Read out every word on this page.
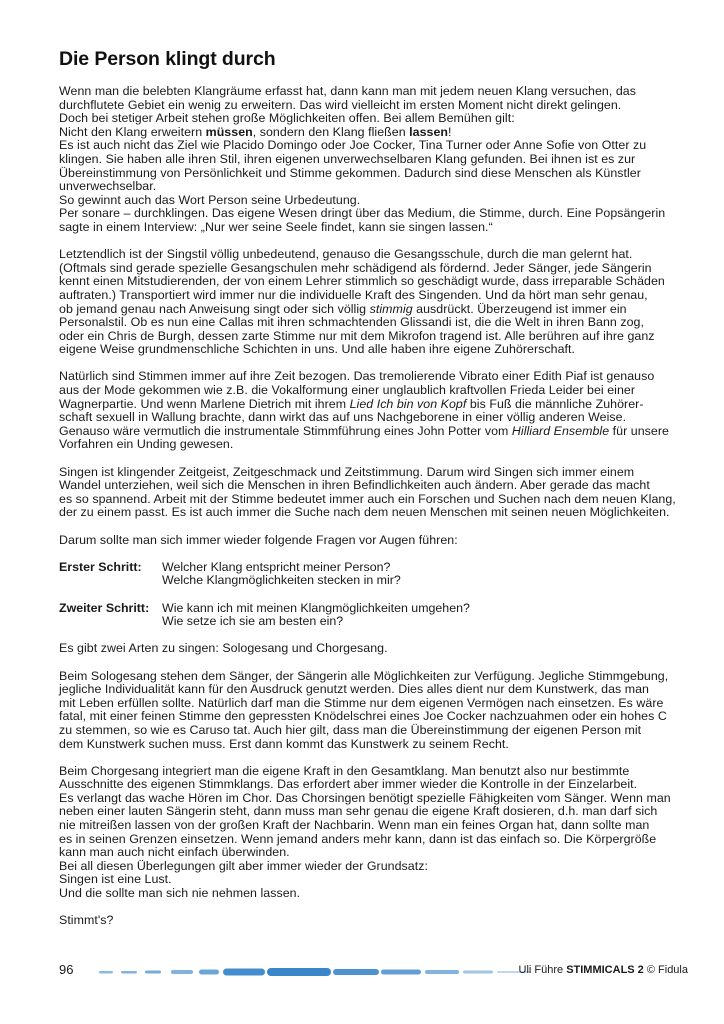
Die Person klingt durch
Wenn man die belebten Klangräume erfasst hat, dann kann man mit jedem neuen Klang versuchen, das
durchflutete Gebiet ein wenig zu erweitern. Das wird vielleicht im ersten Moment nicht direkt gelingen.
Doch bei stetiger Arbeit stehen große Möglichkeiten offen. Bei allem Bemühen gilt:
Nicht den Klang erweitern müssen, sondern den Klang fließen lassen!
Es ist auch nicht das Ziel wie Placido Domingo oder Joe Cocker, Tina Turner oder Anne Sofie von Otter zu
klingen. Sie haben alle ihren Stil, ihren eigenen unverwechselbaren Klang gefunden. Bei ihnen ist es zur
Übereinstimmung von Persönlichkeit und Stimme gekommen. Dadurch sind diese Menschen als Künstler
unverwechselbar.
So gewinnt auch das Wort Person seine Urbedeutung.
Per sonare – durchklingen. Das eigene Wesen dringt über das Medium, die Stimme, durch. Eine Popsängerin
sagte in einem Interview: „Nur wer seine Seele findet, kann sie singen lassen.“
Letztendlich ist der Singstil völlig unbedeutend, genauso die Gesangsschule, durch die man gelernt hat.
(Oftmals sind gerade spezielle Gesangschulen mehr schädigend als fördernd. Jeder Sänger, jede Sängerin
kennt einen Mitstudierenden, der von einem Lehrer stimmlich so geschädigt wurde, dass irreparable Schäden
auftraten.) Transportiert wird immer nur die individuelle Kraft des Singenden. Und da hört man sehr genau,
ob jemand genau nach Anweisung singt oder sich völlig stimmig ausdrückt. Überzeugend ist immer ein
Personalstil. Ob es nun eine Callas mit ihren schmachtenden Glissandi ist, die die Welt in ihren Bann zog,
oder ein Chris de Burgh, dessen zarte Stimme nur mit dem Mikrofon tragend ist. Alle berühren auf ihre ganz
eigene Weise grundmenschliche Schichten in uns. Und alle haben ihre eigene Zuhörerschaft.
Natürlich sind Stimmen immer auf ihre Zeit bezogen. Das tremolierende Vibrato einer Edith Piaf ist genauso
aus der Mode gekommen wie z.B. die Vokalformung einer unglaublich kraftvollen Frieda Leider bei einer
Wagnerpartie. Und wenn Marlene Dietrich mit ihrem Lied Ich bin von Kopf bis Fuß die männliche Zuhörer-
schaft sexuell in Wallung brachte, dann wirkt das auf uns Nachgeborene in einer völlig anderen Weise.
Genauso wäre vermutlich die instrumentale Stimmführung eines John Potter vom Hilliard Ensemble für unsere
Vorfahren ein Unding gewesen.
Singen ist klingender Zeitgeist, Zeitgeschmack und Zeitstimmung. Darum wird Singen sich immer einem
Wandel unterziehen, weil sich die Menschen in ihren Befindlichkeiten auch ändern. Aber gerade das macht
es so spannend. Arbeit mit der Stimme bedeutet immer auch ein Forschen und Suchen nach dem neuen Klang,
der zu einem passt. Es ist auch immer die Suche nach dem neuen Menschen mit seinen neuen Möglichkeiten.
Darum sollte man sich immer wieder folgende Fragen vor Augen führen:
Erster Schritt:	Welcher Klang entspricht meiner Person?
Welche Klangmöglichkeiten stecken in mir?
Zweiter Schritt:	Wie kann ich mit meinen Klangmöglichkeiten umgehen?
Wie setze ich sie am besten ein?
Es gibt zwei Arten zu singen: Sologesang und Chorgesang.
Beim Sologesang stehen dem Sänger, der Sängerin alle Möglichkeiten zur Verfügung. Jegliche Stimmgebung,
jegliche Individualität kann für den Ausdruck genutzt werden. Dies alles dient nur dem Kunstwerk, das man
mit Leben erfüllen sollte. Natürlich darf man die Stimme nur dem eigenen Vermögen nach einsetzen. Es wäre
fatal, mit einer feinen Stimme den gepressten Knödelschrei eines Joe Cocker nachzuahmen oder ein hohes C
zu stemmen, so wie es Caruso tat. Auch hier gilt, dass man die Übereinstimmung der eigenen Person mit
dem Kunstwerk suchen muss. Erst dann kommt das Kunstwerk zu seinem Recht.
Beim Chorgesang integriert man die eigene Kraft in den Gesamtklang. Man benutzt also nur bestimmte
Ausschnitte des eigenen Stimmklangs. Das erfordert aber immer wieder die Kontrolle in der Einzelarbeit.
Es verlangt das wache Hören im Chor. Das Chorsingen benötigt spezielle Fähigkeiten vom Sänger. Wenn man
neben einer lauten Sängerin steht, dann muss man sehr genau die eigene Kraft dosieren, d.h. man darf sich
nie mitreißen lassen von der großen Kraft der Nachbarin. Wenn man ein feines Organ hat, dann sollte man
es in seinen Grenzen einsetzen. Wenn jemand anders mehr kann, dann ist das einfach so. Die Körpergröße
kann man auch nicht einfach überwinden.
Bei all diesen Überlegungen gilt aber immer wieder der Grundsatz:
Singen ist eine Lust.
Und die sollte man sich nie nehmen lassen.
Stimmt's?
96	Uli Führe STIMMICALS 2 © Fidula
